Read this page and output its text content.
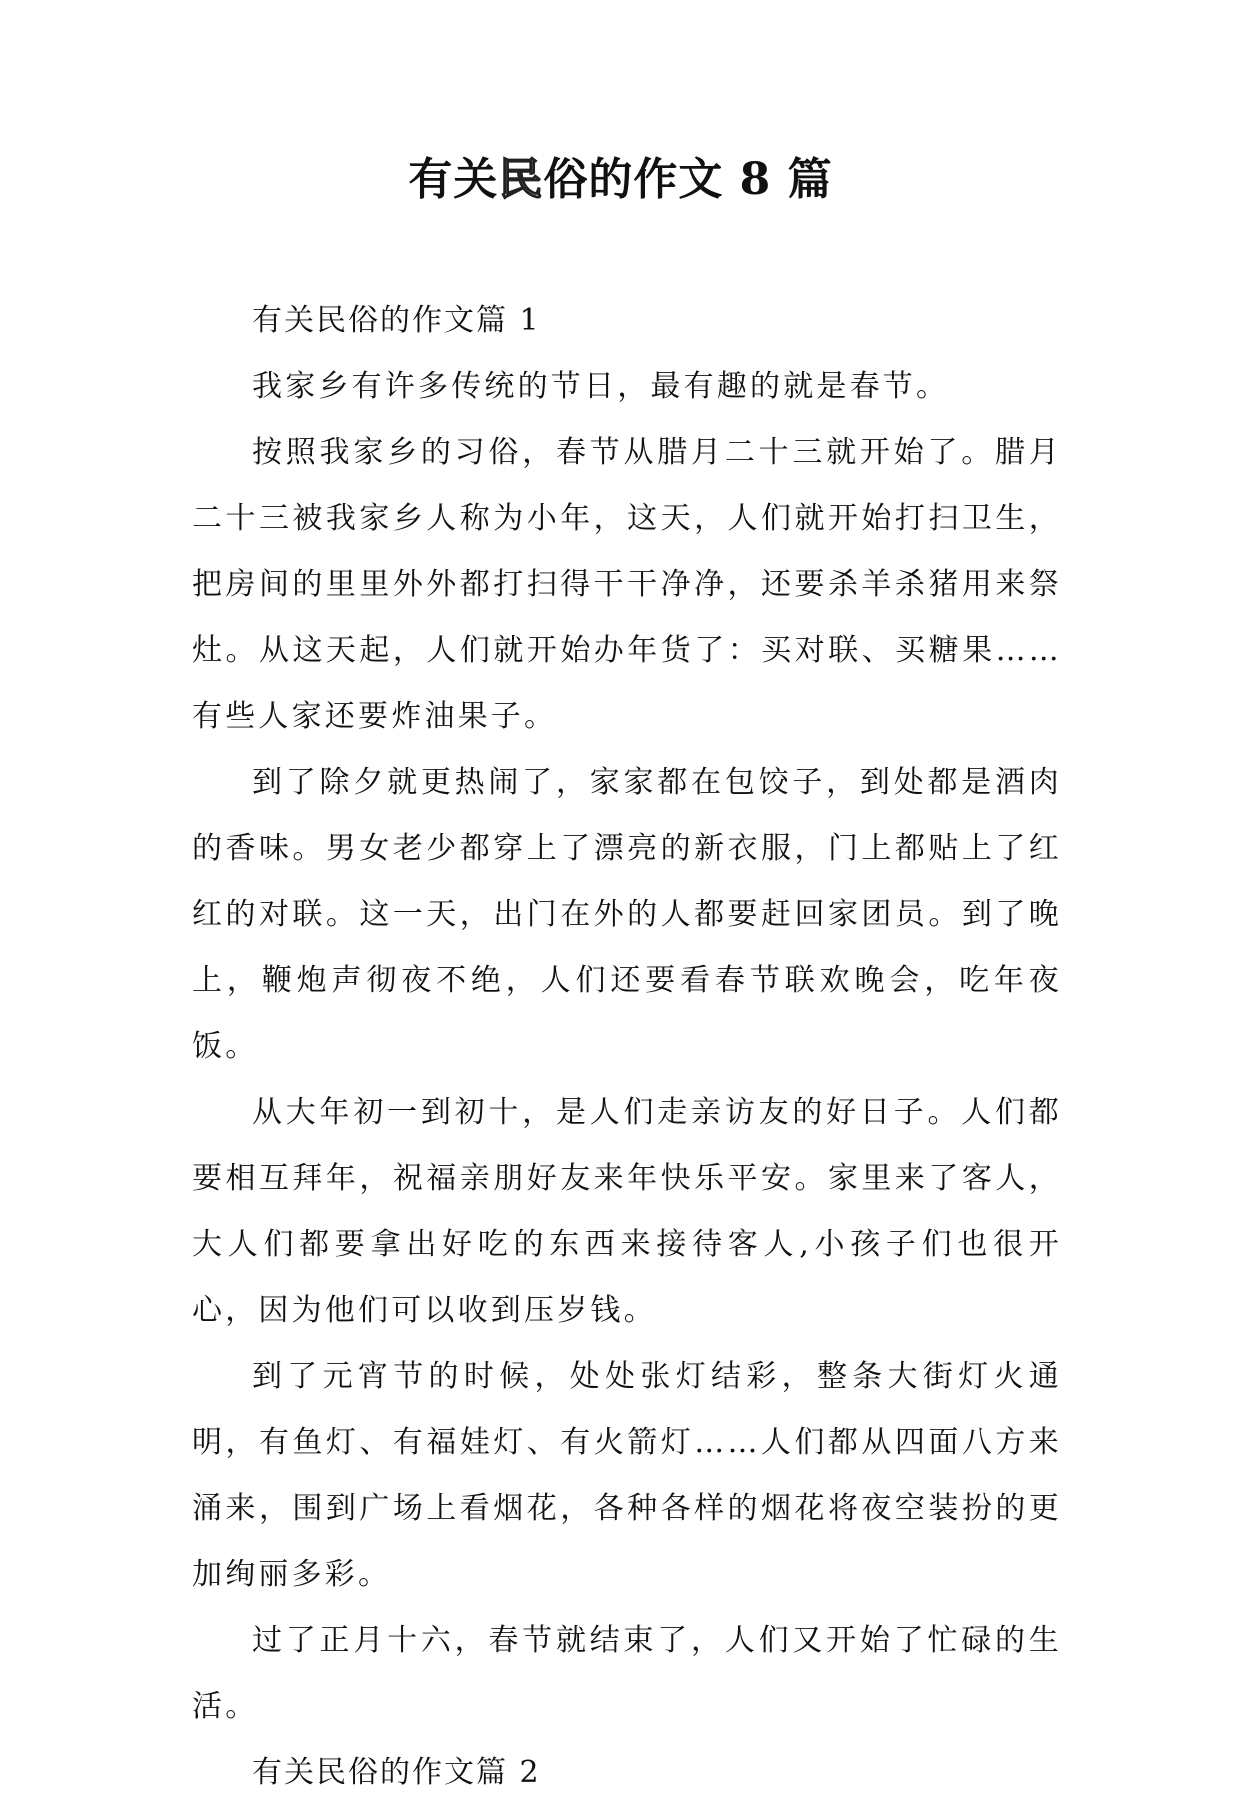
有关民俗的作文 8 篇

有关民俗的作文篇 1

我家乡有许多传统的节日，最有趣的就是春节。

按照我家乡的习俗，春节从腊月二十三就开始了。腊月二十三被我家乡人称为小年，这天，人们就开始打扫卫生，把房间的里里外外都打扫得干干净净，还要杀羊杀猪用来祭灶。从这天起，人们就开始办年货了：买对联、买糖果……有些人家还要炸油果子。

到了除夕就更热闹了，家家都在包饺子，到处都是酒肉的香味。男女老少都穿上了漂亮的新衣服，门上都贴上了红红的对联。这一天，出门在外的人都要赶回家团员。到了晚上，鞭炮声彻夜不绝，人们还要看春节联欢晚会，吃年夜饭。

从大年初一到初十，是人们走亲访友的好日子。人们都要相互拜年，祝福亲朋好友来年快乐平安。家里来了客人，大人们都要拿出好吃的东西来接待客人,小孩子们也很开心，因为他们可以收到压岁钱。

到了元宵节的时候，处处张灯结彩，整条大街灯火通明，有鱼灯、有福娃灯、有火箭灯……人们都从四面八方来涌来，围到广场上看烟花，各种各样的烟花将夜空装扮的更加绚丽多彩。

过了正月十六，春节就结束了，人们又开始了忙碌的生活。

有关民俗的作文篇 2
